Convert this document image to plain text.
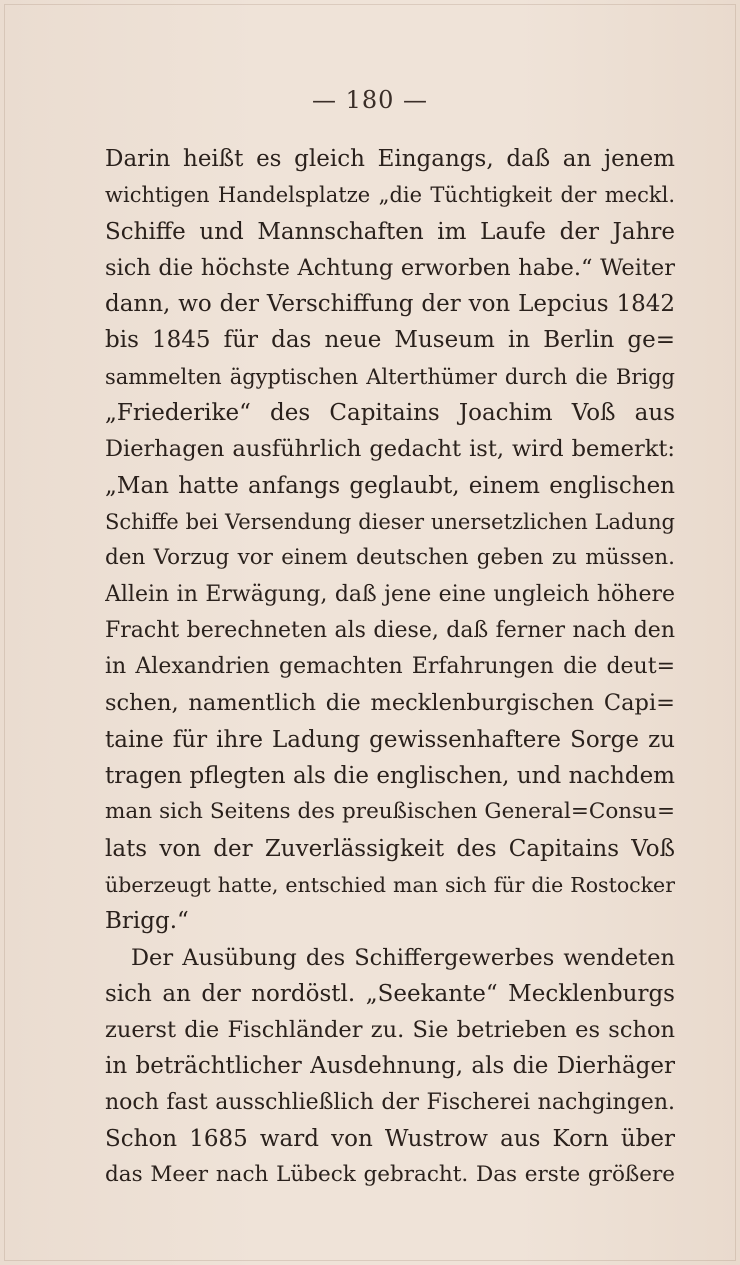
— 180 —
Darin heißt es gleich Eingangs, daß an jenem
wichtigen Handelsplatze „die Tüchtigkeit der meckl.
Schiffe und Mannschaften im Laufe der Jahre
sich die höchste Achtung erworben habe.“ Weiter
dann, wo der Verschiffung der von Lepcius 1842
bis 1845 für das neue Museum in Berlin ge=
sammelten ägyptischen Alterthümer durch die Brigg
„Friederike“ des Capitains Joachim Voß aus
Dierhagen ausführlich gedacht ist, wird bemerkt:
„Man hatte anfangs geglaubt, einem englischen
Schiffe bei Versendung dieser unersetzlichen Ladung
den Vorzug vor einem deutschen geben zu müssen.
Allein in Erwägung, daß jene eine ungleich höhere
Fracht berechneten als diese, daß ferner nach den
in Alexandrien gemachten Erfahrungen die deut=
schen, namentlich die mecklenburgischen Capi=
taine für ihre Ladung gewissenhaftere Sorge zu
tragen pflegten als die englischen, und nachdem
man sich Seitens des preußischen General=Consu=
lats von der Zuverlässigkeit des Capitains Voß
überzeugt hatte, entschied man sich für die Rostocker
Brigg.“
Der Ausübung des Schiffergewerbes wendeten
sich an der nordöstl. „Seekante“ Mecklenburgs
zuerst die Fischländer zu. Sie betrieben es schon
in beträchtlicher Ausdehnung, als die Dierhäger
noch fast ausschließlich der Fischerei nachgingen.
Schon 1685 ward von Wustrow aus Korn über
das Meer nach Lübeck gebracht. Das erste größere
